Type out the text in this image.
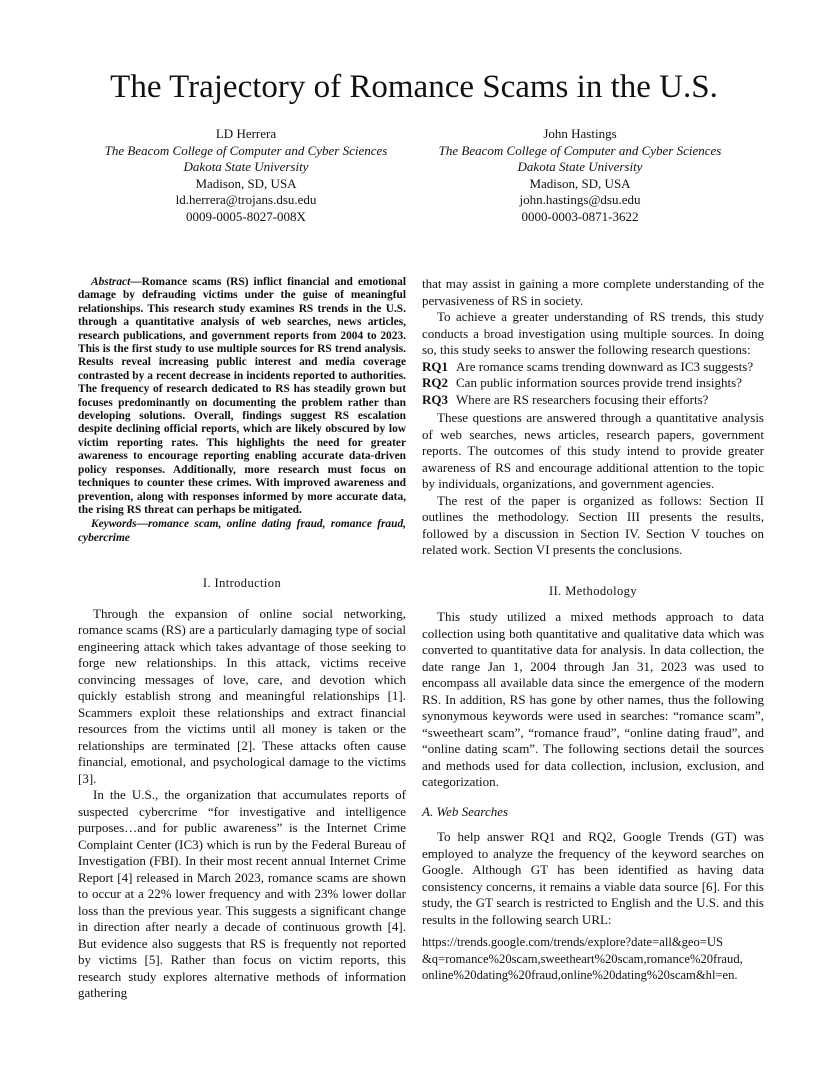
The Trajectory of Romance Scams in the U.S.
LD Herrera
The Beacom College of Computer and Cyber Sciences
Dakota State University
Madison, SD, USA
ld.herrera@trojans.dsu.edu
0009-0005-8027-008X
John Hastings
The Beacom College of Computer and Cyber Sciences
Dakota State University
Madison, SD, USA
john.hastings@dsu.edu
0000-0003-0871-3622

Abstract—Romance scams (RS) inflict financial and emotional damage by defrauding victims under the guise of meaningful relationships. This research study examines RS trends in the U.S. through a quantitative analysis of web searches, news articles, research publications, and government reports from 2004 to 2023. This is the first study to use multiple sources for RS trend analysis. Results reveal increasing public interest and media coverage contrasted by a recent decrease in incidents reported to authorities. The frequency of research dedicated to RS has steadily grown but focuses predominantly on documenting the problem rather than developing solutions. Overall, findings suggest RS escalation despite declining official reports, which are likely obscured by low victim reporting rates. This highlights the need for greater awareness to encourage reporting enabling accurate data-driven policy responses. Additionally, more research must focus on techniques to counter these crimes. With improved awareness and prevention, along with responses informed by more accurate data, the rising RS threat can perhaps be mitigated.

Keywords—romance scam, online dating fraud, romance fraud, cybercrime

I. Introduction

Through the expansion of online social networking, romance scams (RS) are a particularly damaging type of social engineering attack which takes advantage of those seeking to forge new relationships. In this attack, victims receive convincing messages of love, care, and devotion which quickly establish strong and meaningful relationships [1]. Scammers exploit these relationships and extract financial resources from the victims until all money is taken or the relationships are terminated [2]. These attacks often cause financial, emotional, and psychological damage to the victims [3].

In the U.S., the organization that accumulates reports of suspected cybercrime “for investigative and intelligence purposes…and for public awareness” is the Internet Crime Complaint Center (IC3) which is run by the Federal Bureau of Investigation (FBI). In their most recent annual Internet Crime Report [4] released in March 2023, romance scams are shown to occur at a 22% lower frequency and with 23% lower dollar loss than the previous year. This suggests a significant change in direction after nearly a decade of continuous growth [4]. But evidence also suggests that RS is frequently not reported by victims [5]. Rather than focus on victim reports, this research study explores alternative methods of information gathering

that may assist in gaining a more complete understanding of the pervasiveness of RS in society.

To achieve a greater understanding of RS trends, this study conducts a broad investigation using multiple sources. In doing so, this study seeks to answer the following research questions:

RQ1 Are romance scams trending downward as IC3 suggests?
RQ2 Can public information sources provide trend insights?
RQ3 Where are RS researchers focusing their efforts?

These questions are answered through a quantitative analysis of web searches, news articles, research papers, government reports. The outcomes of this study intend to provide greater awareness of RS and encourage additional attention to the topic by individuals, organizations, and government agencies.

The rest of the paper is organized as follows: Section II outlines the methodology. Section III presents the results, followed by a discussion in Section IV. Section V touches on related work. Section VI presents the conclusions.

II. Methodology

This study utilized a mixed methods approach to data collection using both quantitative and qualitative data which was converted to quantitative data for analysis. In data collection, the date range Jan 1, 2004 through Jan 31, 2023 was used to encompass all available data since the emergence of the modern RS. In addition, RS has gone by other names, thus the following synonymous keywords were used in searches: “romance scam”, “sweetheart scam”, “romance fraud”, “online dating fraud”, and “online dating scam”. The following sections detail the sources and methods used for data collection, inclusion, exclusion, and categorization.

A. Web Searches

To help answer RQ1 and RQ2, Google Trends (GT) was employed to analyze the frequency of the keyword searches on Google. Although GT has been identified as having data consistency concerns, it remains a viable data source [6]. For this study, the GT search is restricted to English and the U.S. and this results in the following search URL:

https://trends.google.com/trends/explore?date=all&geo=US
&q=romance%20scam,sweetheart%20scam,romance%20fraud,
online%20dating%20fraud,online%20dating%20scam&hl=en.
